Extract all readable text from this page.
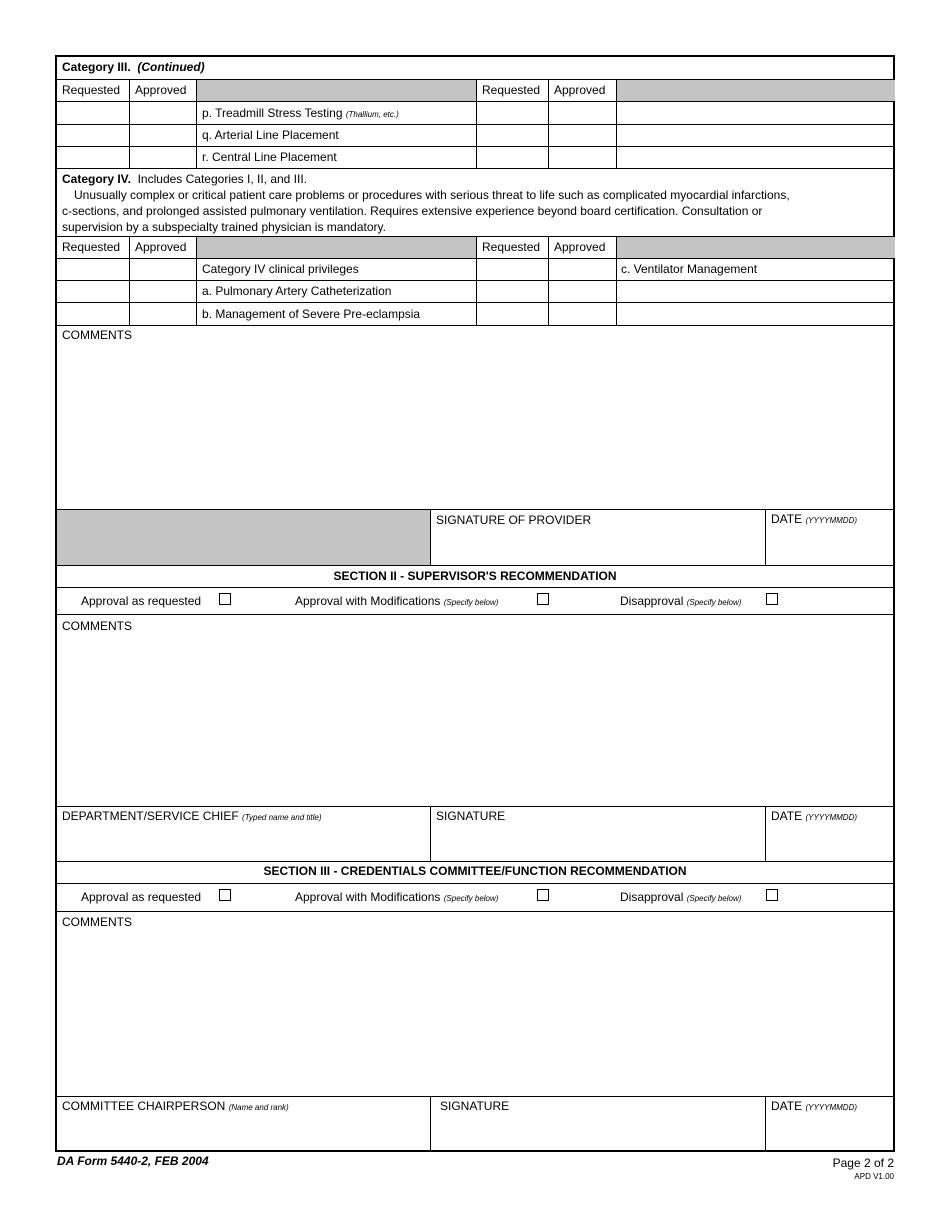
Category III. (Continued)
Requested Approved	Requested Approved
p. Treadmill Stress Testing (Thallium, etc.)
q. Arterial Line Placement
r. Central Line Placement
Category IV. Includes Categories I, II, and III.
Unusually complex or critical patient care problems or procedures with serious threat to life such as complicated myocardial infarctions,
c-sections, and prolonged assisted pulmonary ventilation. Requires extensive experience beyond board certification. Consultation or
supervision by a subspecialty trained physician is mandatory.
Requested Approved	Requested Approved
Category IV clinical privileges	c. Ventilator Management
a. Pulmonary Artery Catheterization
b. Management of Severe Pre-eclampsia
COMMENTS
SIGNATURE OF PROVIDER	DATE (YYYYMMDD)
SECTION II - SUPERVISOR'S RECOMMENDATION
Approval as requested	Approval with Modifications (Specify below)	Disapproval (Specify below)
COMMENTS
DEPARTMENT/SERVICE CHIEF (Typed name and title)	SIGNATURE	DATE (YYYYMMDD)
SECTION III - CREDENTIALS COMMITTEE/FUNCTION RECOMMENDATION
Approval as requested	Approval with Modifications (Specify below)	Disapproval (Specify below)
COMMENTS
COMMITTEE CHAIRPERSON (Name and rank)	SIGNATURE	DATE (YYYYMMDD)
DA Form 5440-2, FEB 2004	Page 2 of 2
APD V1.00
